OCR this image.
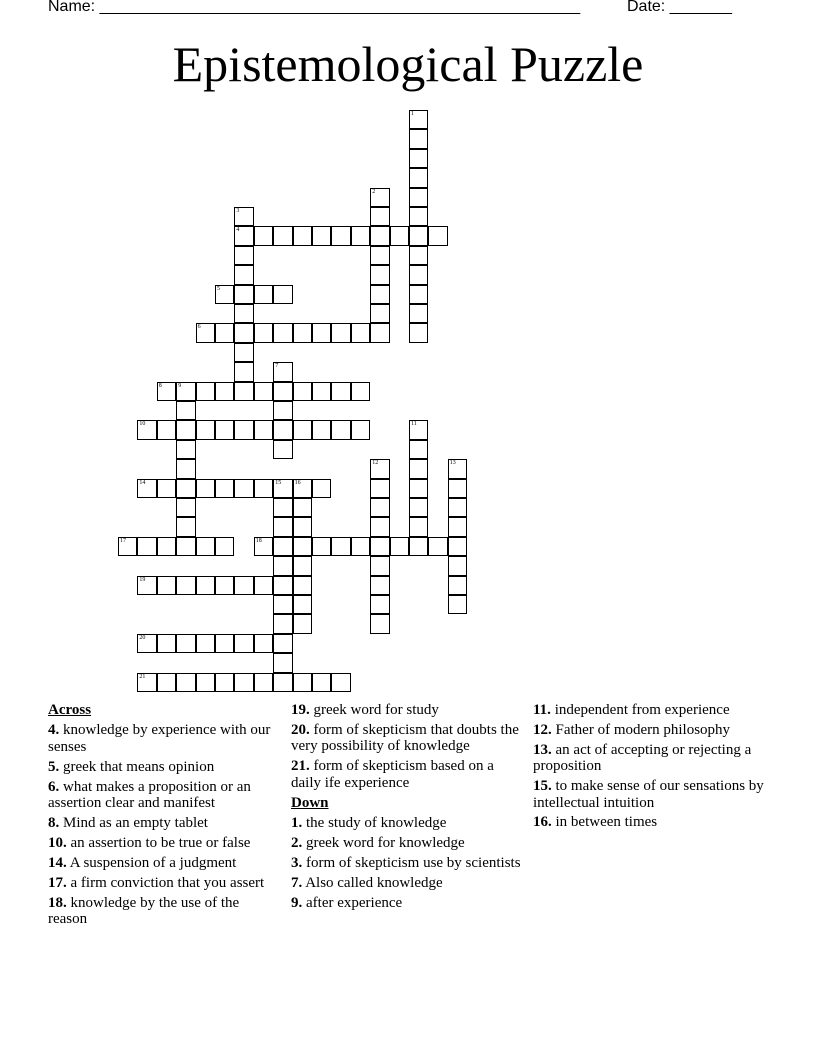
Name: ______________________________________________________	Date: _______
Epistemological Puzzle
1
2
3
4
5
6
7
8	9
10	11
12	13
14	15 16
17	18
19
20
21
Across
4. knowledge by experience with our senses
5. greek that means opinion
6. what makes a proposition or an assertion clear and manifest
8. Mind as an empty tablet
10. an assertion to be true or false
14. A suspension of a judgment
17. a firm conviction that you assert
18. knowledge by the use of the reason
19. greek word for study
20. form of skepticism that doubts the very possibility of knowledge
21. form of skepticism based on a daily ife experience
Down
1. the study of knowledge
2. greek word for knowledge
3. form of skepticism use by scientists
7. Also called knowledge
9. after experience
11. independent from experience
12. Father of modern philosophy
13. an act of accepting or rejecting a proposition
15. to make sense of our sensations by intellectual intuition
16. in between times
